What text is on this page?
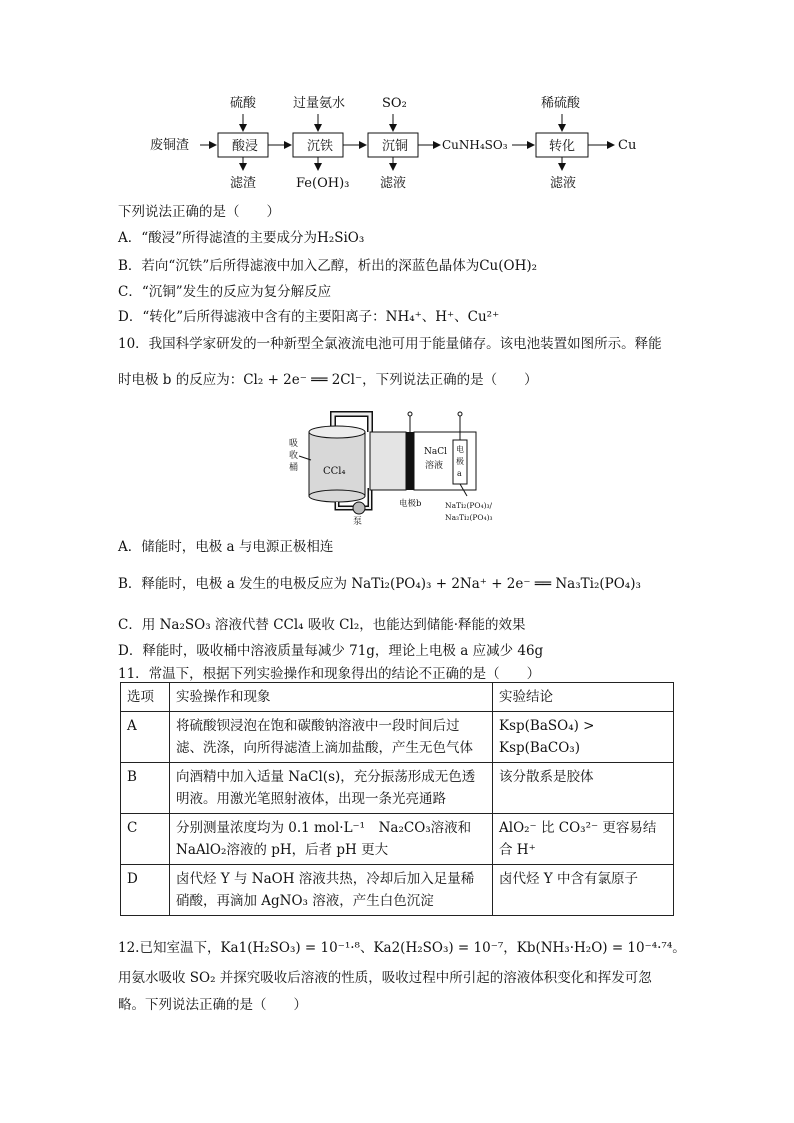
废铜渣	酸浸
硫酸
滤渣
沉铁
过量氨水
Fe(OH)₃
沉铜
SO₂
滤液
CuNH₄SO₃	转化
稀硫酸
滤液
Cu
下列说法正确的是（　　）
A．“酸浸”所得滤渣的主要成分为H₂SiO₃
B．若向“沉铁”后所得滤液中加入乙醇，析出的深蓝色晶体为Cu(OH)₂
C．“沉铜”发生的反应为复分解反应
D．“转化”后所得滤液中含有的主要阳离子：NH₄⁺、H⁺、Cu²⁺
10．我国科学家研发的一种新型全氯液流电池可用于能量储存。该电池装置如图所示。释能
时电极 b 的反应为：Cl₂ + 2e⁻ ══ 2Cl⁻，下列说法正确的是（　　）
CCl₄
吸
收
桶
泵
电极b
NaCl
溶液
电
极
a
NaTi₂(PO₄)₃/
Na₃Ti₂(PO₄)₃
A．储能时，电极 a 与电源正极相连
B．释能时，电极 a 发生的电极反应为 NaTi₂(PO₄)₃ + 2Na⁺ + 2e⁻ ══ Na₃Ti₂(PO₄)₃
C．用 Na₂SO₃ 溶液代替 CCl₄ 吸收 Cl₂，也能达到储能·释能的效果
D．释能时，吸收桶中溶液质量每减少 71g，理论上电极 a 应减少 46g
11．常温下，根据下列实验操作和现象得出的结论不正确的是（　　）
选项	实验操作和现象	实验结论
A	将硫酸钡浸泡在饱和碳酸钠溶液中一段时间后过滤、洗涤，向所得滤渣上滴加盐酸，产生无色气体	Ksp(BaSO₄) > Ksp(BaCO₃)
B	向酒精中加入适量 NaCl(s)，充分振荡形成无色透明液。用激光笔照射液体，出现一条光亮通路	该分散系是胶体
C	分别测量浓度均为 0.1 mol·L⁻¹　Na₂CO₃溶液和 NaAlO₂溶液的 pH，后者 pH 更大	AlO₂⁻ 比 CO₃²⁻ 更容易结合 H⁺
D	卤代烃 Y 与 NaOH 溶液共热，冷却后加入足量稀硝酸，再滴加 AgNO₃ 溶液，产生白色沉淀	卤代烃 Y 中含有氯原子
12.已知室温下，Ka1(H₂SO₃) = 10⁻¹·⁸、Ka2(H₂SO₃) = 10⁻⁷，Kb(NH₃·H₂O) = 10⁻⁴·⁷⁴。
用氨水吸收 SO₂ 并探究吸收后溶液的性质，吸收过程中所引起的溶液体积变化和挥发可忽
略。下列说法正确的是（　　）
